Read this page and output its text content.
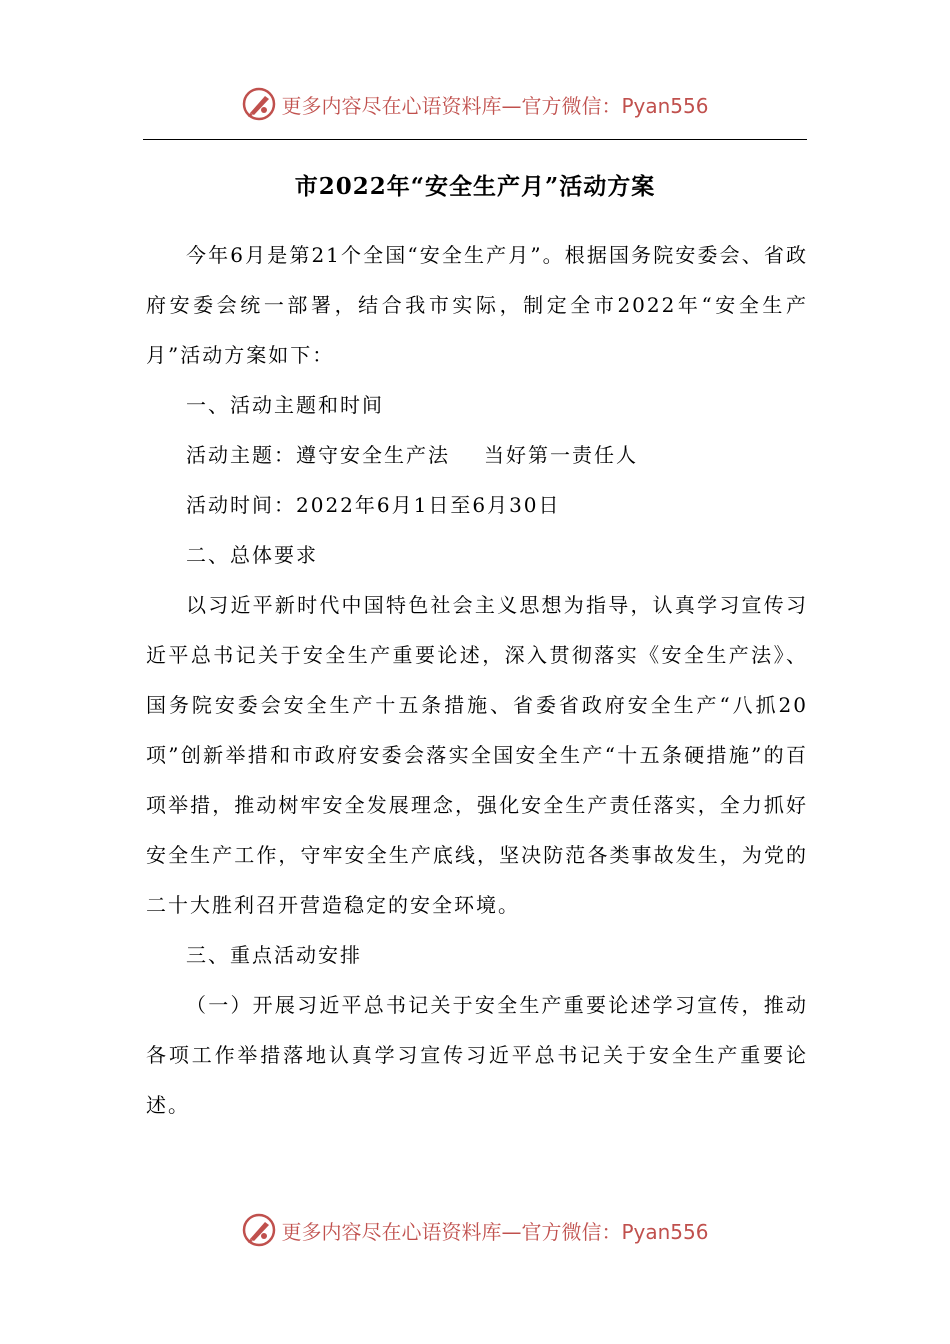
更多内容尽在心语资料库—官方微信：Pyan556
市2022年“安全生产月”活动方案

今年6月是第21个全国“安全生产月”。根据国务院安委会、省政府安委会统一部署，结合我市实际，制定全市2022年“安全生产月”活动方案如下：

一、活动主题和时间

活动主题：遵守安全生产法 当好第一责任人

活动时间：2022年6月1日至6月30日

二、总体要求

以习近平新时代中国特色社会主义思想为指导，认真学习宣传习近平总书记关于安全生产重要论述，深入贯彻落实《安全生产法》、国务院安委会安全生产十五条措施、省委省政府安全生产“八抓20项”创新举措和市政府安委会落实全国安全生产“十五条硬措施”的百项举措，推动树牢安全发展理念，强化安全生产责任落实，全力抓好安全生产工作，守牢安全生产底线，坚决防范各类事故发生，为党的二十大胜利召开营造稳定的安全环境。

三、重点活动安排

（一）开展习近平总书记关于安全生产重要论述学习宣传，推动各项工作举措落地认真学习宣传习近平总书记关于安全生产重要论述。

更多内容尽在心语资料库—官方微信：Pyan556
